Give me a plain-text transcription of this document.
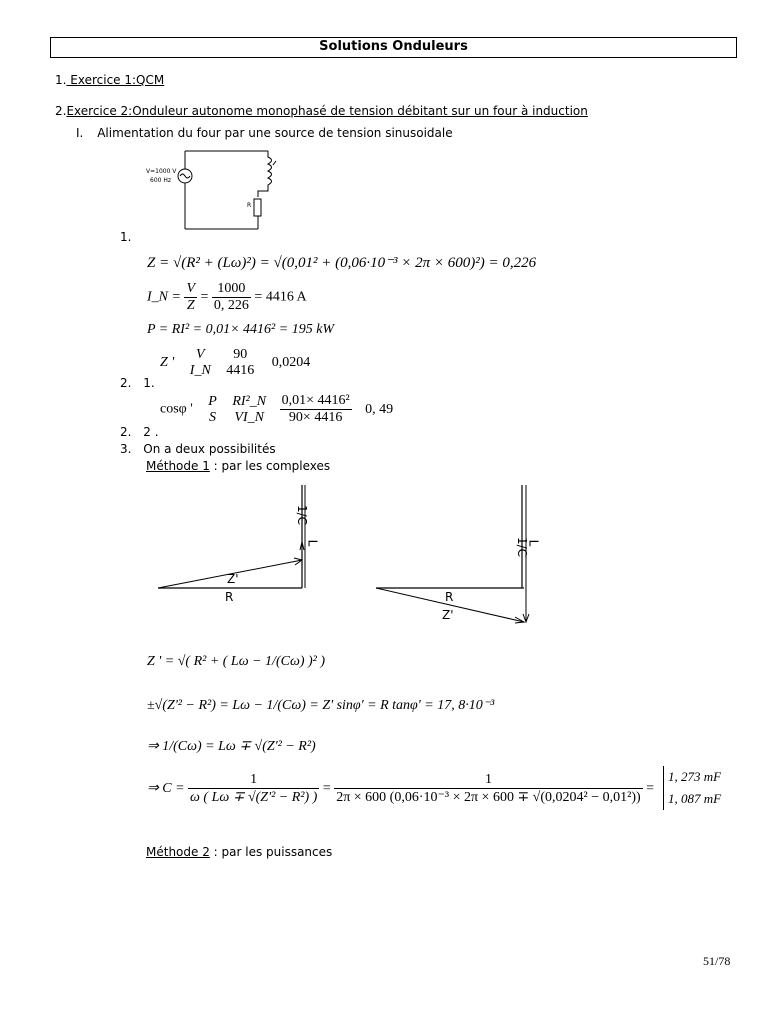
Solutions Onduleurs
1. Exercice 1:QCM
2.Exercice 2:Onduleur autonome monophasé de tension débitant sur un four à induction
I. Alimentation du four par une source de tension sinusoidale
V=1000 V
600 Hz
R
1.
Z = √(R² + (Lω)²) = √(0,01² + (0,06·10⁻³ × 2π × 600)²) = 0,226
I_N = $\frac{V}{Z} = \frac{1000}{0, 226} = 4416$ A
P = RI² = 0,01× 4416² = 195 kW
Z '
V
I_N

90
4416
0,0204
2. 1.
cosφ '
P
S

RI²_N
VI_N
$\frac{\text{0,01× 4416²}}{90\times 4416} 0$, 49
2. 2 .
3. On a deux possibilités
Méthode 1 : par les complexes
1/C
L
Z'
R
1/C
L
R
Z'
Z ' = √( R² + ( Lω − 1/(Cω) )² )
±√(Z'² − R²) = Lω − 1/(Cω) = Z' sinφ' = R tanφ' = 17, 8·10⁻³
⇒ 1/(Cω) = Lω ∓ √(Z'² − R²)
⇒ $C = \frac{1}{\text{ω ( Lω ∓ √(Z'² − R²) )}} = \frac{1}{\text{2π × 600 (0,06·10⁻³ × 2π × 600 ∓ √(0,0204² − 0,01²))}}$ =
1, 273 mF
1, 087 mF
Méthode 2 : par les puissances
51/78
